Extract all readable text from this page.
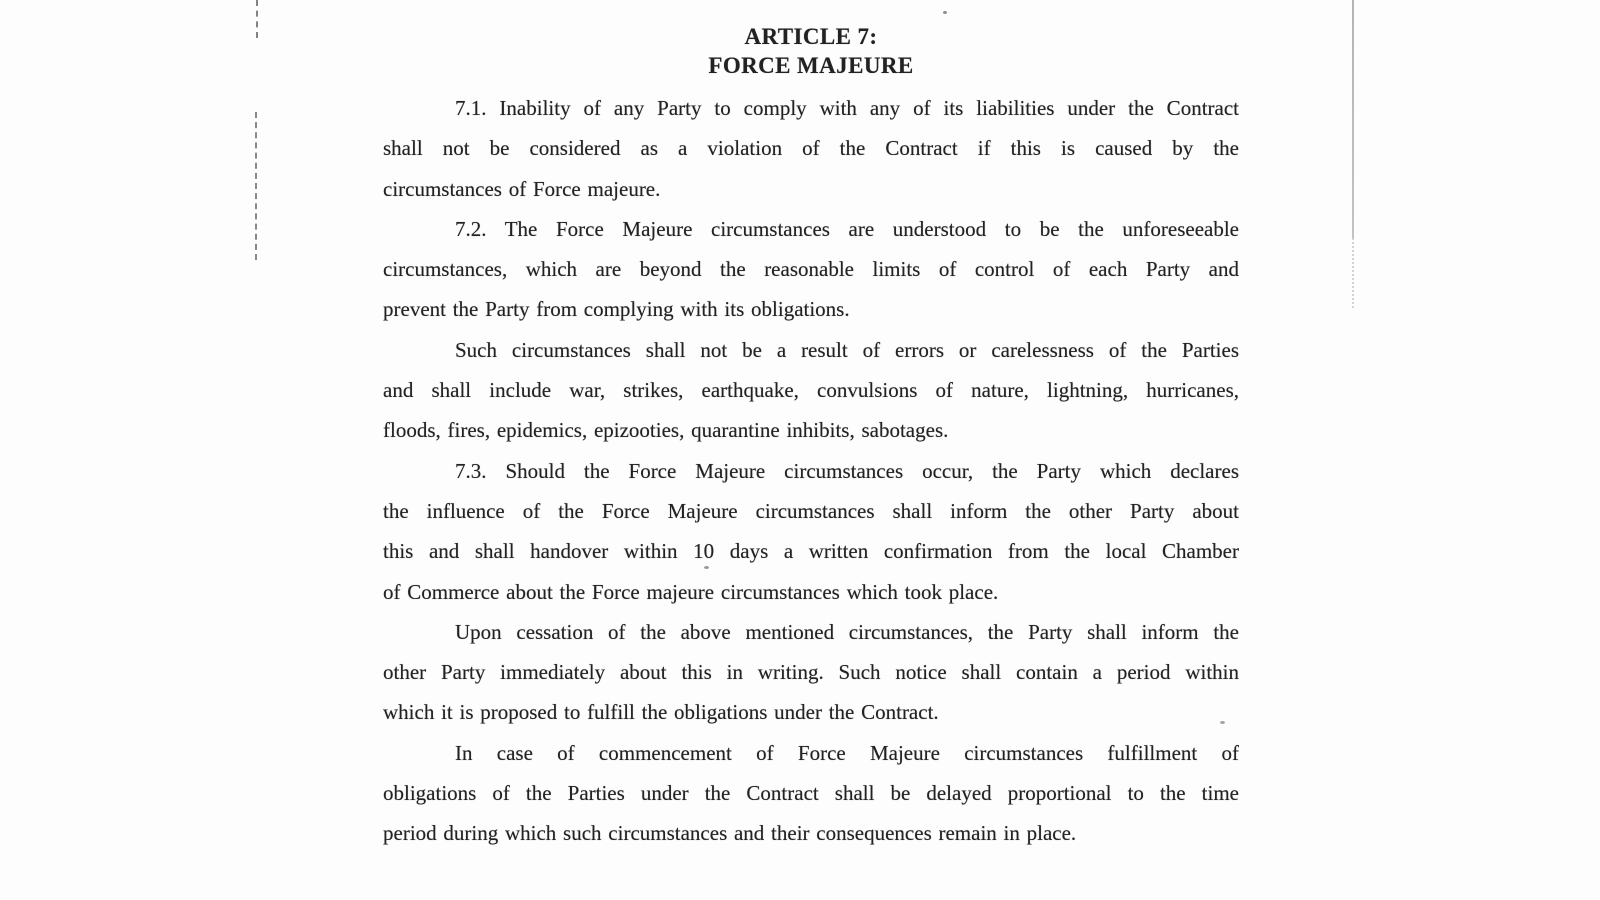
ARTICLE 7:
FORCE MAJEURE
7.1. Inability of any Party to comply with any of its liabilities under the Contract
shall not be considered as a violation of the Contract if this is caused by the
circumstances of Force majeure.
7.2. The Force Majeure circumstances are understood to be the unforeseeable
circumstances, which are beyond the reasonable limits of control of each Party and
prevent the Party from complying with its obligations.
Such circumstances shall not be a result of errors or carelessness of the Parties
and shall include war, strikes, earthquake, convulsions of nature, lightning, hurricanes,
floods, fires, epidemics, epizooties, quarantine inhibits, sabotages.
7.3. Should the Force Majeure circumstances occur, the Party which declares
the influence of the Force Majeure circumstances shall inform the other Party about
this and shall handover within 10 days a written confirmation from the local Chamber
of Commerce about the Force majeure circumstances which took place.
Upon cessation of the above mentioned circumstances, the Party shall inform the
other Party immediately about this in writing. Such notice shall contain a period within
which it is proposed to fulfill the obligations under the Contract.
In case of commencement of Force Majeure circumstances fulfillment of
obligations of the Parties under the Contract shall be delayed proportional to the time
period during which such circumstances and their consequences remain in place.
